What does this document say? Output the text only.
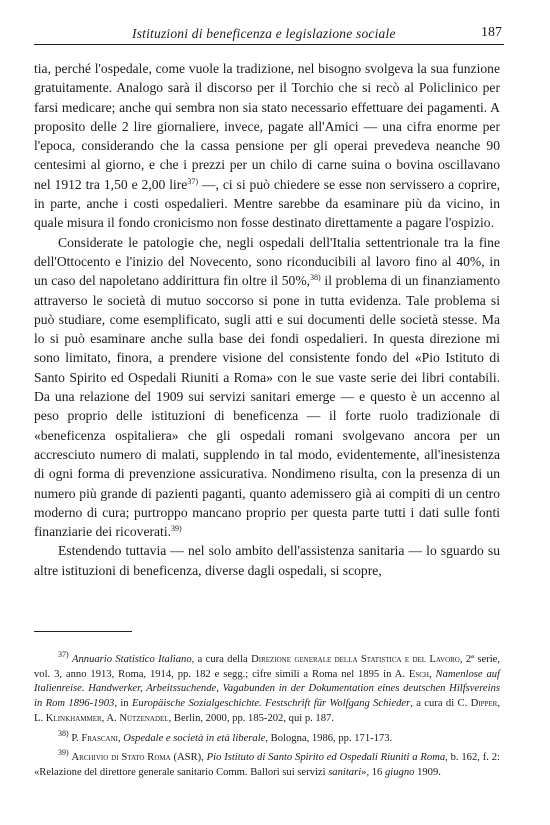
Istituzioni di beneficenza e legislazione sociale	187

tia, perché l'ospedale, come vuole la tradizione, nel bisogno svolgeva la sua funzione gratuitamente. Analogo sarà il discorso per il Torchio che si recò al Policlinico per farsi medicare; anche qui sembra non sia stato necessario effettuare dei pagamenti. A proposito delle 2 lire giornaliere, invece, pagate all'Amici — una cifra enorme per l'epoca, considerando che la cassa pensione per gli operai prevedeva neanche 90 centesimi al giorno, e che i prezzi per un chilo di carne suina o bovina oscillavano nel 1912 tra 1,50 e 2,00 lire$^{37)}$ —, ci si può chiedere se esse non servissero a coprire, in parte, anche i costi ospedalieri. Mentre sarebbe da esaminare più da vicino, in quale misura il fondo cronicismo non fosse destinato direttamente a pagare l'ospizio.

Considerate le patologie che, negli ospedali dell'Italia settentrionale tra la fine dell'Ottocento e l'inizio del Novecento, sono riconducibili al lavoro fino al 40%, in un caso del napoletano addirittura fin oltre il 50%,$^{38)}$ il problema di un finanziamento attraverso le società di mutuo soccorso si pone in tutta evidenza. Tale problema si può studiare, come esemplificato, sugli atti e sui documenti delle società stesse. Ma lo si può esaminare anche sulla base dei fondi ospedalieri. In questa direzione mi sono limitato, finora, a prendere visione del consistente fondo del «Pio Istituto di Santo Spirito ed Ospedali Riuniti a Roma» con le sue vaste serie dei libri contabili. Da una relazione del 1909 sui servizi sanitari emerge — e questo è un accenno al peso proprio delle istituzioni di beneficenza — il forte ruolo tradizionale di «beneficenza ospitaliera» che gli ospedali romani svolgevano ancora per un accresciuto numero di malati, supplendo in tal modo, evidentemente, all'inesistenza di ogni forma di prevenzione assicurativa. Nondimeno risulta, con la presenza di un numero più grande di pazienti paganti, quanto ademissero già ai compiti di un centro moderno di cura; purtroppo mancano proprio per questa parte tutti i dati sulle fonti finanziarie dei ricoverati.$^{39)}$

Estendendo tuttavia — nel solo ambito dell'assistenza sanitaria — lo sguardo su altre istituzioni di beneficenza, diverse dagli ospedali, si scopre,

$^{37)}$ Annuario Statistico Italiano, a cura della Direzione generale della Statistica e del Lavoro, 2ª serie, vol. 3, anno 1913, Roma, 1914, pp. 182 e segg.; cifre simili a Roma nel 1895 in A. Esch, Namenlose auf Italienreise. Handwerker, Arbeitssuchende, Vagabunden in der Dokumentation eines deutschen Hilfsvereins in Rom 1896-1903, in Europäische Sozialgeschichte. Festschrift für Wolfgang Schieder, a cura di C. Dipper, L. Klinkhammer, A. Nützenadel, Berlin, 2000, pp. 185-202, qui p. 187.

$^{38)}$ P. Frascani, Ospedale e società in età liberale, Bologna, 1986, pp. 171-173.

$^{39)}$ Archivio di Stato Roma (ASR), Pio Istituto di Santo Spirito ed Ospedali Riuniti a Roma, b. 162, f. 2: «Relazione del direttore generale sanitario Comm. Ballori sui servizi sanitari», 16 giugno 1909.
